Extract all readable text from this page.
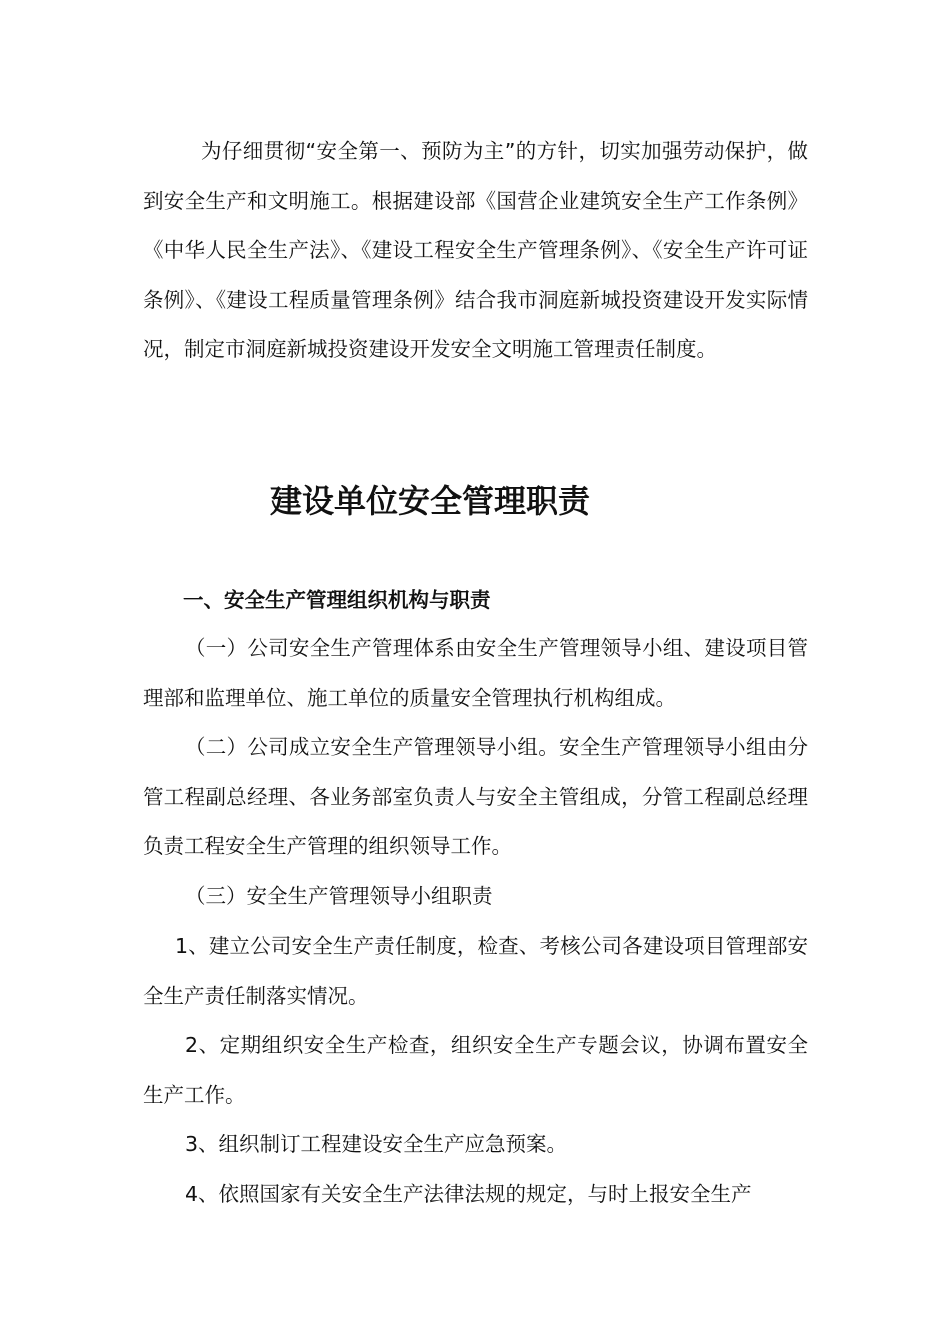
为仔细贯彻“安全第一、预防为主”的方针，切实加强劳动保护，做到安全生产和文明施工。根据建设部《国营企业建筑安全生产工作条例》《中华人民全生产法》、《建设工程安全生产管理条例》、《安全生产许可证条例》、《建设工程质量管理条例》结合我市洞庭新城投资建设开发实际情况，制定市洞庭新城投资建设开发安全文明施工管理责任制度。

建设单位安全管理职责
一、安全生产管理组织机构与职责

（一）公司安全生产管理体系由安全生产管理领导小组、建设项目管理部和监理单位、施工单位的质量安全管理执行机构组成。

（二）公司成立安全生产管理领导小组。安全生产管理领导小组由分管工程副总经理、各业务部室负责人与安全主管组成，分管工程副总经理负责工程安全生产管理的组织领导工作。

（三）安全生产管理领导小组职责

1、建立公司安全生产责任制度，检查、考核公司各建设项目管理部安全生产责任制落实情况。

2、定期组织安全生产检查，组织安全生产专题会议，协调布置安全生产工作。

3、组织制订工程建设安全生产应急预案。

4、依照国家有关安全生产法律法规的规定，与时上报安全生产
